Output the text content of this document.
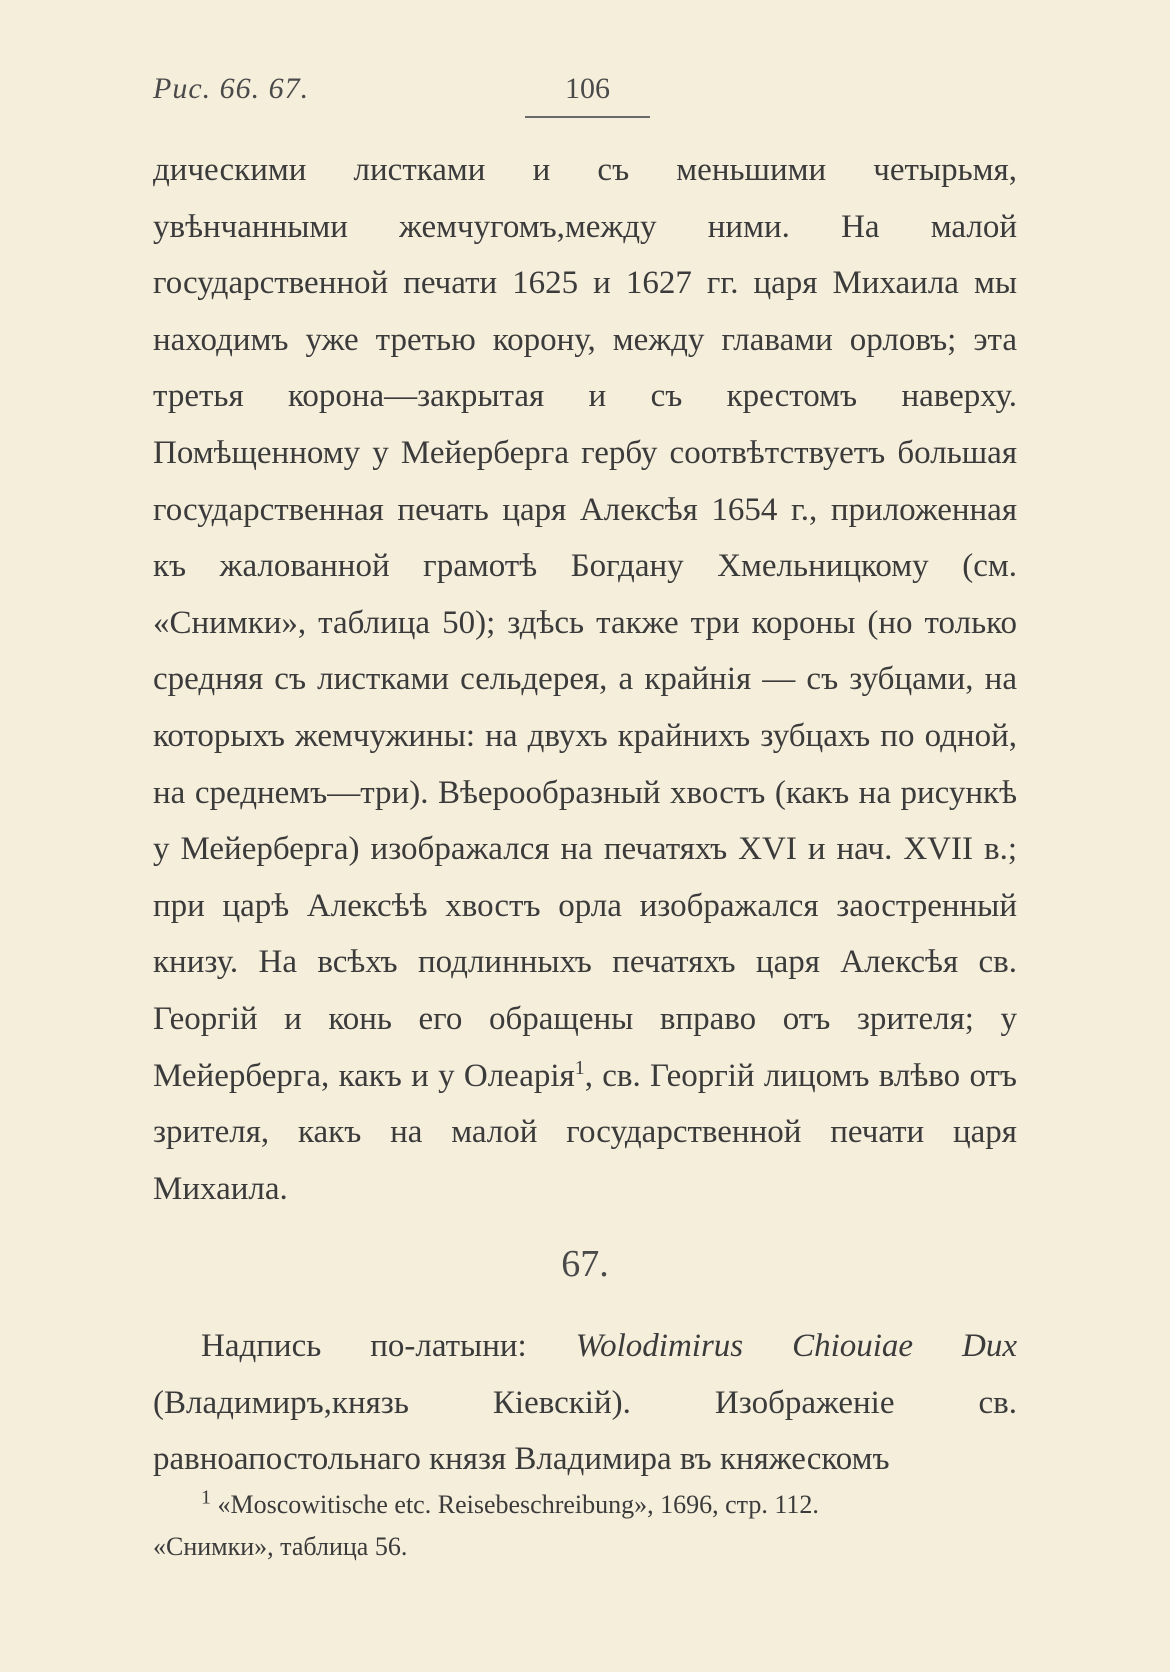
Рис. 66. 67.	106

дическими листками и съ меньшими четырьмя, увѣнчанными жемчугомъ,между ними. На малой государственной печати 1625 и 1627 гг. царя Михаила мы находимъ уже третью корону, между главами орловъ; эта третья корона—закрытая и съ крестомъ наверху. Помѣщенному у Мейерберга гербу соотвѣтствуетъ большая государственная печать царя Алексѣя 1654 г., приложенная къ жалованной грамотѣ Богдану Хмельницкому (см. «Снимки», таблица 50); здѣсь также три короны (но только средняя съ листками сельдерея, а крайнія — съ зубцами, на которыхъ жемчужины: на двухъ крайнихъ зубцахъ по одной, на среднемъ—три). Вѣерообразный хвостъ (какъ на рисункѣ у Мейерберга) изображался на печатяхъ XVI и нач. XVII в.; при царѣ Алексѣѣ хвостъ орла изображался заостренный книзу. На всѣхъ подлинныхъ печатяхъ царя Алексѣя св. Георгій и конь его обращены вправо отъ зрителя; у Мейерберга, какъ и у Олеарія$^1$, св. Георгій лицомъ влѣво отъ зрителя, какъ на малой государственной печати царя Михаила.

67.

Надпись по-латыни: Wolodimirus Chiouiae Dux (Владимиръ,князь Кіевскій). Изображеніе св. равноапостольнаго князя Владимира въ княжескомъ

$^1$ «Moscowitische etc. Reisebeschreibung», 1696, стр. 112.
«Снимки», таблица 56.
